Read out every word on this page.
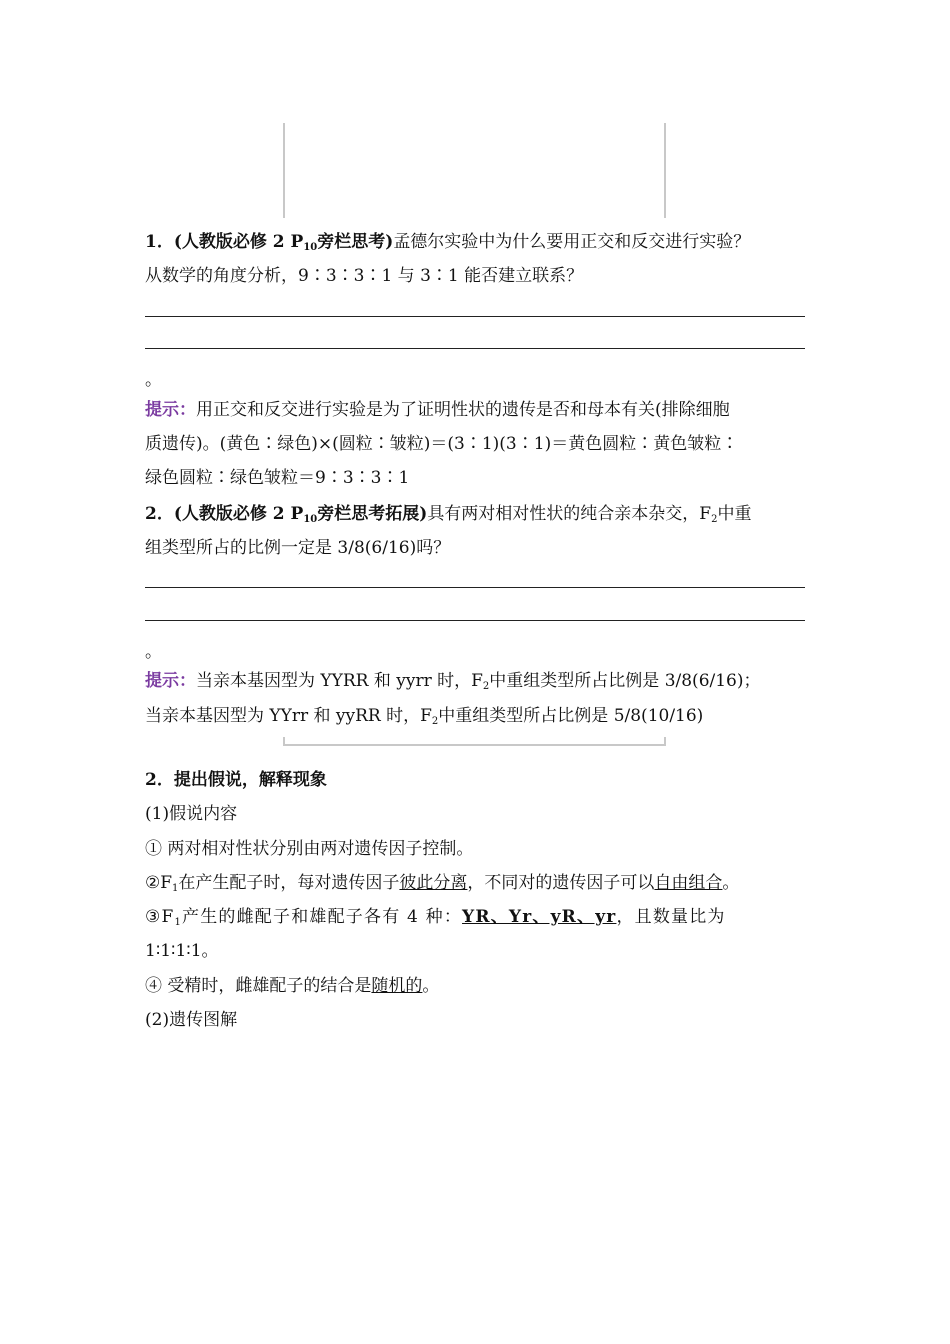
1．(人教版必修 2 $P_{10}$旁栏思考)孟德尔实验中为什么要用正交和反交进行实验？
从数学的角度分析，9∶3∶3∶1 与 3∶1 能否建立联系？
。
提示：用正交和反交进行实验是为了证明性状的遗传是否和母本有关(排除细胞
质遗传)。(黄色∶绿色)×(圆粒∶皱粒)＝(3∶1)(3∶1)＝黄色圆粒∶黄色皱粒∶
绿色圆粒∶绿色皱粒＝9∶3∶3∶1
2．(人教版必修 2 $P_{10}$旁栏思考拓展)具有两对相对性状的纯合亲本杂交，$F_2$中重
组类型所占的比例一定是 3/8(6/16)吗？
。
提示：当亲本基因型为 YYRR 和 yyrr 时，$F_2$中重组类型所占比例是 3/8(6/16)；
当亲本基因型为 YYrr 和 yyRR 时，$F_2$中重组类型所占比例是 5/8(10/16)
2．提出假说，解释现象
(1)假说内容
① 两对相对性状分别由两对遗传因子控制。
$②F_1$在产生配子时，每对遗传因子彼此分离，不同对的遗传因子可以自由组合。
$③F_1$产生的雌配子和雄配子各有 4 种：YR、Yr、yR、yr，且数量比为
1∶1∶1∶1。
④ 受精时，雌雄配子的结合是随机的。
(2)遗传图解
